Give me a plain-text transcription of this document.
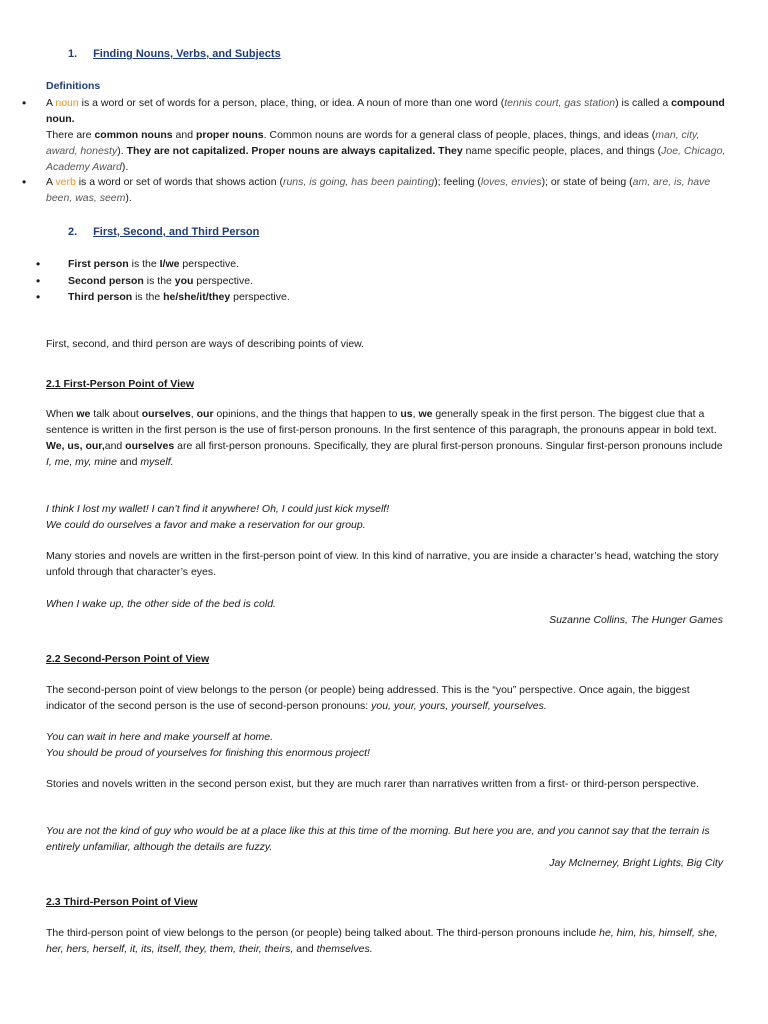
1. Finding Nouns, Verbs, and Subjects
Definitions
• A noun is a word or set of words for a person, place, thing, or idea. A noun of more than one word (tennis court, gas station) is called a compound noun.
There are common nouns and proper nouns. Common nouns are words for a general class of people, places, things, and ideas (man, city, award, honesty). They are not capitalized. Proper nouns are always capitalized. They name specific people, places, and things (Joe, Chicago, Academy Award).
• A verb is a word or set of words that shows action (runs, is going, has been painting); feeling (loves, envies); or state of being (am, are, is, have been, was, seem).
2. First, Second, and Third Person
• First person is the I/we perspective.
• Second person is the you perspective.
• Third person is the he/she/it/they perspective.
First, second, and third person are ways of describing points of view.
2.1 First-Person Point of View
When we talk about ourselves, our opinions, and the things that happen to us, we generally speak in the first person. The biggest clue that a sentence is written in the first person is the use of first-person pronouns. In the first sentence of this paragraph, the pronouns appear in bold text. We, us, our,and ourselves are all first-person pronouns. Specifically, they are plural first-person pronouns. Singular first-person pronouns include I, me, my, mine and myself.
I think I lost my wallet! I can’t find it anywhere! Oh, I could just kick myself!
We could do ourselves a favor and make a reservation for our group.
Many stories and novels are written in the first-person point of view. In this kind of narrative, you are inside a character’s head, watching the story unfold through that character’s eyes.
When I wake up, the other side of the bed is cold.
Suzanne Collins, The Hunger Games
2.2 Second-Person Point of View
The second-person point of view belongs to the person (or people) being addressed. This is the “you” perspective. Once again, the biggest indicator of the second person is the use of second-person pronouns: you, your, yours, yourself, yourselves.
You can wait in here and make yourself at home.
You should be proud of yourselves for finishing this enormous project!
Stories and novels written in the second person exist, but they are much rarer than narratives written from a first- or third-person perspective.
You are not the kind of guy who would be at a place like this at this time of the morning. But here you are, and you cannot say that the terrain is entirely unfamiliar, although the details are fuzzy.
Jay McInerney, Bright Lights, Big City
2.3 Third-Person Point of View
The third-person point of view belongs to the person (or people) being talked about. The third-person pronouns include he, him, his, himself, she, her, hers, herself, it, its, itself, they, them, their, theirs, and themselves.
